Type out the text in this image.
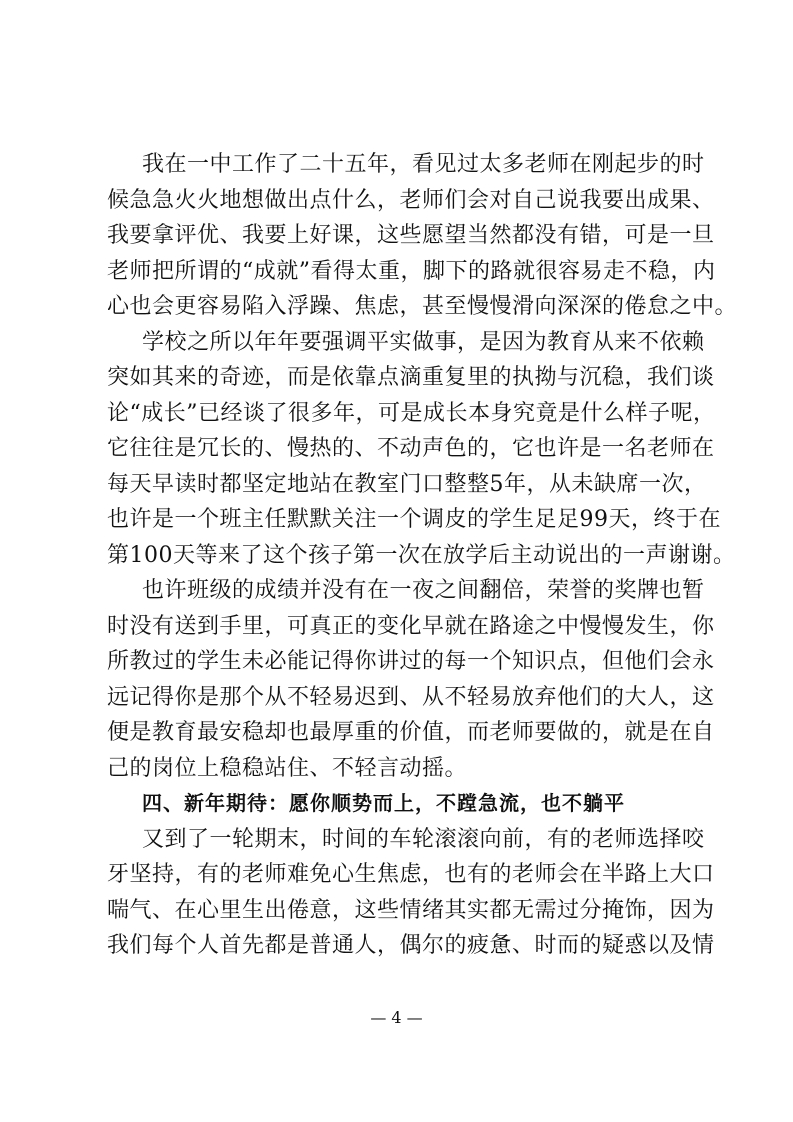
我在一中工作了二十五年，看见过太多老师在刚起步的时
候急急火火地想做出点什么，老师们会对自己说我要出成果、
我要拿评优、我要上好课，这些愿望当然都没有错，可是一旦
老师把所谓的“成就”看得太重，脚下的路就很容易走不稳，内
心也会更容易陷入浮躁、焦虑，甚至慢慢滑向深深的倦怠之中。
学校之所以年年要强调平实做事，是因为教育从来不依赖
突如其来的奇迹，而是依靠点滴重复里的执拗与沉稳，我们谈
论“成长”已经谈了很多年，可是成长本身究竟是什么样子呢，
它往往是冗长的、慢热的、不动声色的，它也许是一名老师在
每天早读时都坚定地站在教室门口整整5年，从未缺席一次，
也许是一个班主任默默关注一个调皮的学生足足99天，终于在
第100天等来了这个孩子第一次在放学后主动说出的一声谢谢。
也许班级的成绩并没有在一夜之间翻倍，荣誉的奖牌也暂
时没有送到手里，可真正的变化早就在路途之中慢慢发生，你
所教过的学生未必能记得你讲过的每一个知识点，但他们会永
远记得你是那个从不轻易迟到、从不轻易放弃他们的大人，这
便是教育最安稳却也最厚重的价值，而老师要做的，就是在自
己的岗位上稳稳站住、不轻言动摇。
四、新年期待：愿你顺势而上，不蹚急流，也不躺平
又到了一轮期末，时间的车轮滚滚向前，有的老师选择咬
牙坚持，有的老师难免心生焦虑，也有的老师会在半路上大口
喘气、在心里生出倦意，这些情绪其实都无需过分掩饰，因为
我们每个人首先都是普通人，偶尔的疲惫、时而的疑惑以及情
— 4 —
